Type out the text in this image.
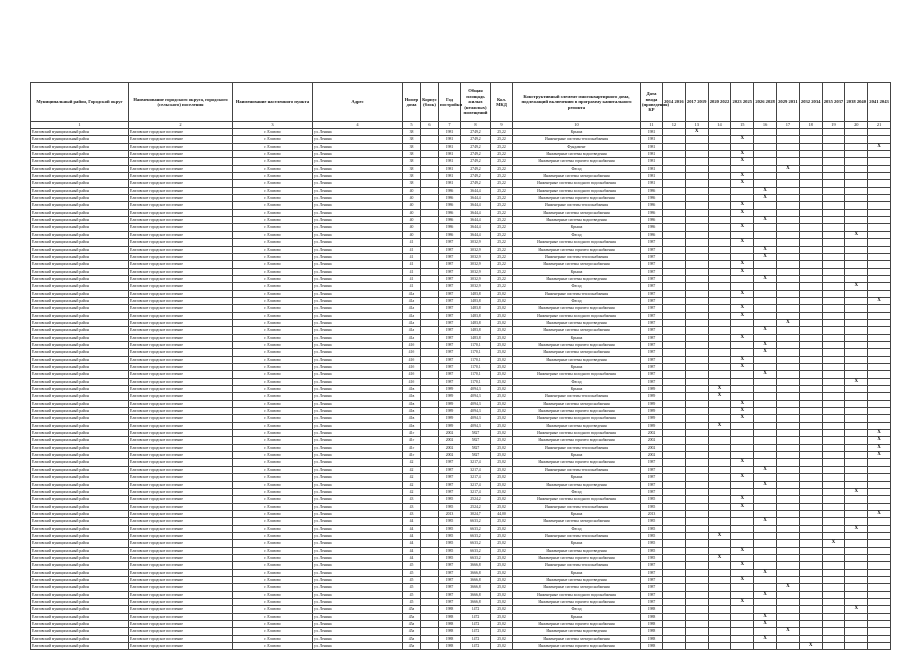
Муниципальный район, Городской округ	Наименование городского округа, городского (сельского) поселения	Наименование населенного пункта	Адрес	Номер дома	Корпус (блок)	Год постройки	Общая площадь жилых (нежилых) помещений	Кол. МКД	Конструктивный элемент многоквартирного дома, подлежащий включению в программу капитального ремонта	Дата ввода (проведения) КР	2014 2016	2017 2019	2020 2022	2023 2025	2026 2028	2029 2031	2032 2034	2035 2037	2038 2040	2041 2043
1	2	3	4	5	6	7	8	9	10	11	12	13	14	15	16	17	18	19	20	21
Елизовский муниципальный район	Елизовское городское поселение	г. Елизово	ул. Ленина	38		1981	2749,2	25,22	Крыша	1981		X								
Елизовский муниципальный район	Елизовское городское поселение	г. Елизово	ул. Ленина	38		1981	2749,2	25,22	Инженерные системы теплоснабжения	1981				X						
Елизовский муниципальный район	Елизовское городское поселение	г. Елизово	ул. Ленина	38		1981	2749,2	25,22	Фундамент	1981										X
Елизовский муниципальный район	Елизовское городское поселение	г. Елизово	ул. Ленина	38		1981	2749,2	25,22	Инженерные системы водоотведения	1981				X						
Елизовский муниципальный район	Елизовское городское поселение	г. Елизово	ул. Ленина	38		1981	2749,2	25,22	Инженерные системы горячего водоснабжения	1981				X						
Елизовский муниципальный район	Елизовское городское поселение	г. Елизово	ул. Ленина	38		1981	2749,2	25,22	Фасад	1981						X				
Елизовский муниципальный район	Елизовское городское поселение	г. Елизово	ул. Ленина	38		1981	2749,2	25,22	Инженерные системы электроснабжения	1981				X						
Елизовский муниципальный район	Елизовское городское поселение	г. Елизово	ул. Ленина	38		1981	2749,2	25,22	Инженерные системы холодного водоснабжения	1981				X						
Елизовский муниципальный район	Елизовское городское поселение	г. Елизово	ул. Ленина	40		1986	3644,4	25,22	Инженерные системы холодного водоснабжения	1986					X					
Елизовский муниципальный район	Елизовское городское поселение	г. Елизово	ул. Ленина	40		1986	3644,4	25,22	Инженерные системы горячего водоснабжения	1986					X					
Елизовский муниципальный район	Елизовское городское поселение	г. Елизово	ул. Ленина	40		1986	3644,4	25,22	Инженерные системы теплоснабжения	1986				X						
Елизовский муниципальный район	Елизовское городское поселение	г. Елизово	ул. Ленина	40		1986	3644,4	25,22	Инженерные системы электроснабжения	1986				X						
Елизовский муниципальный район	Елизовское городское поселение	г. Елизово	ул. Ленина	40		1986	3644,4	25,22	Инженерные системы водоотведения	1986					X					
Елизовский муниципальный район	Елизовское городское поселение	г. Елизово	ул. Ленина	40		1986	3644,4	25,22	Крыша	1986				X						
Елизовский муниципальный район	Елизовское городское поселение	г. Елизово	ул. Ленина	40		1986	3644,4	25,22	Фасад	1986									X	
Елизовский муниципальный район	Елизовское городское поселение	г. Елизово	ул. Ленина	41		1987	3032,9	25,22	Инженерные системы холодного водоснабжения	1987				X						
Елизовский муниципальный район	Елизовское городское поселение	г. Елизово	ул. Ленина	41		1987	3032,9	25,22	Инженерные системы горячего водоснабжения	1987					X					
Елизовский муниципальный район	Елизовское городское поселение	г. Елизово	ул. Ленина	41		1987	3032,9	25,22	Инженерные системы теплоснабжения	1987					X					
Елизовский муниципальный район	Елизовское городское поселение	г. Елизово	ул. Ленина	41		1987	3032,9	25,22	Инженерные системы электроснабжения	1987				X						
Елизовский муниципальный район	Елизовское городское поселение	г. Елизово	ул. Ленина	41		1987	3032,9	25,22	Крыша	1987				X						
Елизовский муниципальный район	Елизовское городское поселение	г. Елизово	ул. Ленина	41		1987	3032,9	25,22	Инженерные системы водоотведения	1987					X					
Елизовский муниципальный район	Елизовское городское поселение	г. Елизово	ул. Ленина	41		1987	3032,9	25,22	Фасад	1987									X	
Елизовский муниципальный район	Елизовское городское поселение	г. Елизово	ул. Ленина	41а		1987	1483,8	25,02	Инженерные системы теплоснабжения	1987				X						
Елизовский муниципальный район	Елизовское городское поселение	г. Елизово	ул. Ленина	41а		1987	1483,8	25,02	Фасад	1987										X
Елизовский муниципальный район	Елизовское городское поселение	г. Елизово	ул. Ленина	41а		1987	1483,8	25,02	Инженерные системы горячего водоснабжения	1987				X						
Елизовский муниципальный район	Елизовское городское поселение	г. Елизово	ул. Ленина	41а		1987	1483,8	25,02	Инженерные системы холодного водоснабжения	1987				X						
Елизовский муниципальный район	Елизовское городское поселение	г. Елизово	ул. Ленина	41а		1987	1483,8	25,02	Инженерные системы водоотведения	1987						X				
Елизовский муниципальный район	Елизовское городское поселение	г. Елизово	ул. Ленина	41а		1987	1483,8	25,02	Инженерные системы электроснабжения	1987					X					
Елизовский муниципальный район	Елизовское городское поселение	г. Елизово	ул. Ленина	41а		1987	1483,8	25,02	Крыша	1987				X						
Елизовский муниципальный район	Елизовское городское поселение	г. Елизово	ул. Ленина	41б		1987	1170,1	25,02	Инженерные системы горячего водоснабжения	1987					X					
Елизовский муниципальный район	Елизовское городское поселение	г. Елизово	ул. Ленина	41б		1987	1170,1	25,02	Инженерные системы электроснабжения	1987					X					
Елизовский муниципальный район	Елизовское городское поселение	г. Елизово	ул. Ленина	41б		1987	1170,1	25,02	Инженерные системы водоотведения	1987				X						
Елизовский муниципальный район	Елизовское городское поселение	г. Елизово	ул. Ленина	41б		1987	1170,1	25,02	Крыша	1987				X						
Елизовский муниципальный район	Елизовское городское поселение	г. Елизово	ул. Ленина	41б		1987	1170,1	25,02	Инженерные системы холодного водоснабжения	1987					X					
Елизовский муниципальный район	Елизовское городское поселение	г. Елизово	ул. Ленина	41б		1987	1170,1	25,02	Фасад	1987									X	
Елизовский муниципальный район	Елизовское городское поселение	г. Елизово	ул. Ленина	41в		1989	4094,3	25,02	Крыша	1989			X							
Елизовский муниципальный район	Елизовское городское поселение	г. Елизово	ул. Ленина	41в		1989	4094,3	25,02	Инженерные системы теплоснабжения	1989			X							
Елизовский муниципальный район	Елизовское городское поселение	г. Елизово	ул. Ленина	41в		1989	4094,3	25,02	Инженерные системы электроснабжения	1989				X						
Елизовский муниципальный район	Елизовское городское поселение	г. Елизово	ул. Ленина	41в		1989	4094,3	25,02	Инженерные системы горячего водоснабжения	1989				X						
Елизовский муниципальный район	Елизовское городское поселение	г. Елизово	ул. Ленина	41в		1989	4094,3	25,02	Инженерные системы холодного водоснабжения	1989				X						
Елизовский муниципальный район	Елизовское городское поселение	г. Елизово	ул. Ленина	41в		1989	4094,3	25,02	Инженерные системы водоотведения	1989			X							
Елизовский муниципальный район	Елизовское городское поселение	г. Елизово	ул. Ленина	41г		2002	5827	25,02	Инженерные системы холодного водоснабжения	2002										X
Елизовский муниципальный район	Елизовское городское поселение	г. Елизово	ул. Ленина	41г		2002	5827	25,02	Инженерные системы горячего водоснабжения	2002										X
Елизовский муниципальный район	Елизовское городское поселение	г. Елизово	ул. Ленина	41г		2002	5827	25,02	Инженерные системы теплоснабжения	2002										X
Елизовский муниципальный район	Елизовское городское поселение	г. Елизово	ул. Ленина	41г		2002	5827	25,02	Крыша	2002										X
Елизовский муниципальный район	Елизовское городское поселение	г. Елизово	ул. Ленина	42		1987	3217,4	25,02	Инженерные системы горячего водоснабжения	1987				X						
Елизовский муниципальный район	Елизовское городское поселение	г. Елизово	ул. Ленина	42		1987	3217,4	25,02	Инженерные системы теплоснабжения	1987					X					
Елизовский муниципальный район	Елизовское городское поселение	г. Елизово	ул. Ленина	42		1987	3217,4	25,02	Крыша	1987				X						
Елизовский муниципальный район	Елизовское городское поселение	г. Елизово	ул. Ленина	42		1987	3217,4	25,02	Инженерные системы водоотведения	1987					X					
Елизовский муниципальный район	Елизовское городское поселение	г. Елизово	ул. Ленина	42		1987	3217,4	25,02	Фасад	1987									X	
Елизовский муниципальный район	Елизовское городское поселение	г. Елизово	ул. Ленина	43		1985	2524,2	25,02	Инженерные системы холодного водоснабжения	1985				X						
Елизовский муниципальный район	Елизовское городское поселение	г. Елизово	ул. Ленина	43		1985	2524,2	25,02	Инженерные системы теплоснабжения	1985				X						
Елизовский муниципальный район	Елизовское городское поселение	г. Елизово	ул. Ленина	43		2013	3024,7	44,00	Крыша	2013										X
Елизовский муниципальный район	Елизовское городское поселение	г. Елизово	ул. Ленина	44		1985	6633,2	25,02	Инженерные системы электроснабжения	1985					X					
Елизовский муниципальный район	Елизовское городское поселение	г. Елизово	ул. Ленина	44		1985	6633,2	25,02	Фасад	1985									X	
Елизовский муниципальный район	Елизовское городское поселение	г. Елизово	ул. Ленина	44		1985	6633,2	25,02	Инженерные системы теплоснабжения	1985			X							
Елизовский муниципальный район	Елизовское городское поселение	г. Елизово	ул. Ленина	44		1985	6633,2	25,02	Крыша	1985								X		
Елизовский муниципальный район	Елизовское городское поселение	г. Елизово	ул. Ленина	44		1985	6633,2	25,02	Инженерные системы водоотведения	1985				X						
Елизовский муниципальный район	Елизовское городское поселение	г. Елизово	ул. Ленина	44		1985	6633,2	25,02	Инженерные системы горячего водоснабжения	1985			X							
Елизовский муниципальный район	Елизовское городское поселение	г. Елизово	ул. Ленина	45		1987	3666,8	25,02	Инженерные системы теплоснабжения	1987				X						
Елизовский муниципальный район	Елизовское городское поселение	г. Елизово	ул. Ленина	45		1987	3666,8	25,02	Крыша	1987					X					
Елизовский муниципальный район	Елизовское городское поселение	г. Елизово	ул. Ленина	45		1987	3666,8	25,02	Инженерные системы водоотведения	1987				X						
Елизовский муниципальный район	Елизовское городское поселение	г. Елизово	ул. Ленина	45		1987	3666,8	25,02	Инженерные системы электроснабжения	1987						X				
Елизовский муниципальный район	Елизовское городское поселение	г. Елизово	ул. Ленина	45		1987	3666,8	25,02	Инженерные системы холодного водоснабжения	1987					X					
Елизовский муниципальный район	Елизовское городское поселение	г. Елизово	ул. Ленина	45		1987	3666,8	25,02	Инженерные системы горячего водоснабжения	1987				X						
Елизовский муниципальный район	Елизовское городское поселение	г. Елизово	ул. Ленина	45а		1988	1472	25,02	Фасад	1988									X	
Елизовский муниципальный район	Елизовское городское поселение	г. Елизово	ул. Ленина	45а		1988	1472	25,02	Крыша	1988					X					
Елизовский муниципальный район	Елизовское городское поселение	г. Елизово	ул. Ленина	45а		1988	1472	25,02	Инженерные системы горячего водоснабжения	1988					X					
Елизовский муниципальный район	Елизовское городское поселение	г. Елизово	ул. Ленина	45а		1988	1472	25,02	Инженерные системы водоотведения	1988						X				
Елизовский муниципальный район	Елизовское городское поселение	г. Елизово	ул. Ленина	45а		1988	1472	25,02	Инженерные системы электроснабжения	1988					X					
Елизовский муниципальный район	Елизовское городское поселение	г. Елизово	ул. Ленина	45а		1988	1472	25,02	Инженерные системы горячего водоснабжения	1988							X			
